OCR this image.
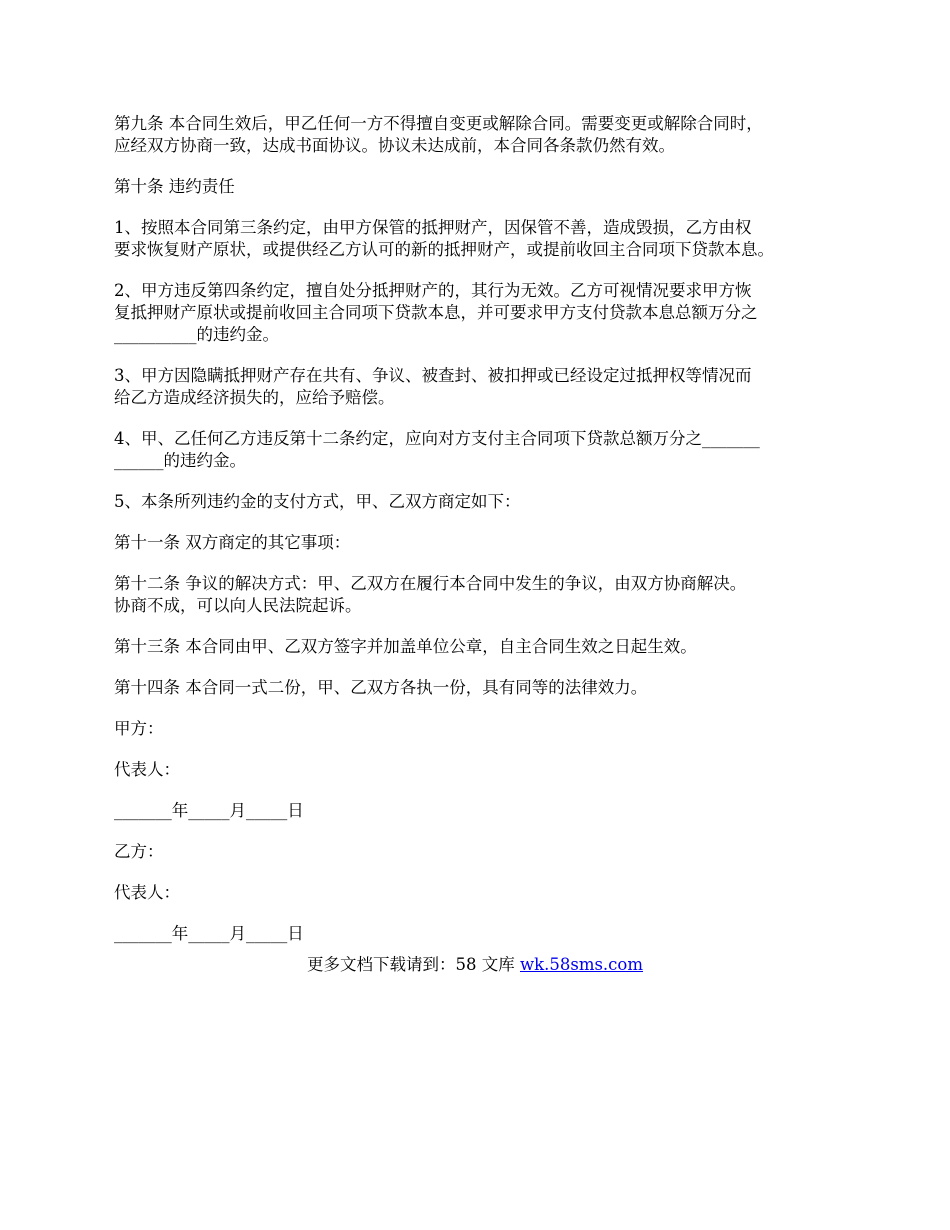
第九条 本合同生效后，甲乙任何一方不得擅自变更或解除合同。需要变更或解除合同时，
应经双方协商一致，达成书面协议。协议未达成前，本合同各条款仍然有效。

第十条 违约责任

1、按照本合同第三条约定，由甲方保管的抵押财产，因保管不善，造成毁损，乙方由权
要求恢复财产原状，或提供经乙方认可的新的抵押财产，或提前收回主合同项下贷款本息。

2、甲方违反第四条约定，擅自处分抵押财产的，其行为无效。乙方可视情况要求甲方恢
复抵押财产原状或提前收回主合同项下贷款本息，并可要求甲方支付贷款本息总额万分之
__________的违约金。

3、甲方因隐瞒抵押财产存在共有、争议、被查封、被扣押或已经设定过抵押权等情况而
给乙方造成经济损失的，应给予赔偿。

4、甲、乙任何乙方违反第十二条约定，应向对方支付主合同项下贷款总额万分之_______
______的违约金。

5、本条所列违约金的支付方式，甲、乙双方商定如下：

第十一条 双方商定的其它事项：

第十二条 争议的解决方式：甲、乙双方在履行本合同中发生的争议，由双方协商解决。
协商不成，可以向人民法院起诉。

第十三条 本合同由甲、乙双方签字并加盖单位公章，自主合同生效之日起生效。

第十四条 本合同一式二份，甲、乙双方各执一份，具有同等的法律效力。

甲方：

代表人：

_______年_____月_____日

乙方：

代表人：

_______年_____月_____日

更多文档下载请到：58 文库 wk.58sms.com
